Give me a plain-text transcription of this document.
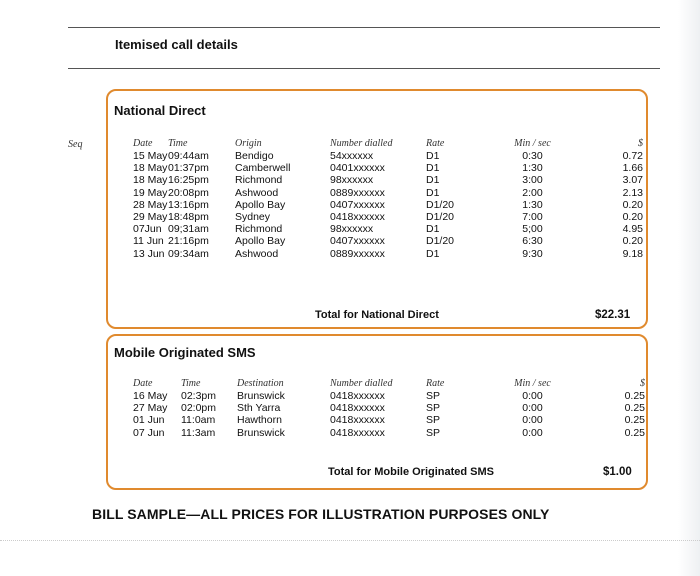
Itemised call details
Seq
National Direct
Date	Time	Origin	Number dialled	Rate	Min / sec	$
15 May	09:44am	Bendigo	54xxxxxx	D1	0:30	0.72
18 May	01:37pm	Camberwell	0401xxxxxx	D1	1:30	1.66
18 May	16:25pm	Richmond	98xxxxxx	D1	3:00	3.07
19 May	20:08pm	Ashwood	0889xxxxxx	D1	2:00	2.13
28 May	13:16pm	Apollo Bay	0407xxxxxx	D1/20	1:30	0.20
29 May	18:48pm	Sydney	0418xxxxxx	D1/20	7:00	0.20
07Jun	09;31am	Richmond	98xxxxxx	D1	5;00	4.95
11 Jun	21:16pm	Apollo Bay	0407xxxxxx	D1/20	6:30	0.20
13 Jun	09:34am	Ashwood	0889xxxxxx	D1	9:30	9.18
Total for National Direct	$22.31
Mobile Originated SMS
Date	Time	Destination	Number dialled	Rate	Min / sec	$
16 May	02:3pm	Brunswick	0418xxxxxx	SP	0:00	0.25
27 May	02:0pm	Sth Yarra	0418xxxxxx	SP	0:00	0.25
01 Jun	11:0am	Hawthorn	0418xxxxxx	SP	0:00	0.25
07 Jun	11:3am	Brunswick	0418xxxxxx	SP	0:00	0.25
Total for Mobile Originated SMS	$1.00
BILL SAMPLE—ALL PRICES FOR ILLUSTRATION PURPOSES ONLY
